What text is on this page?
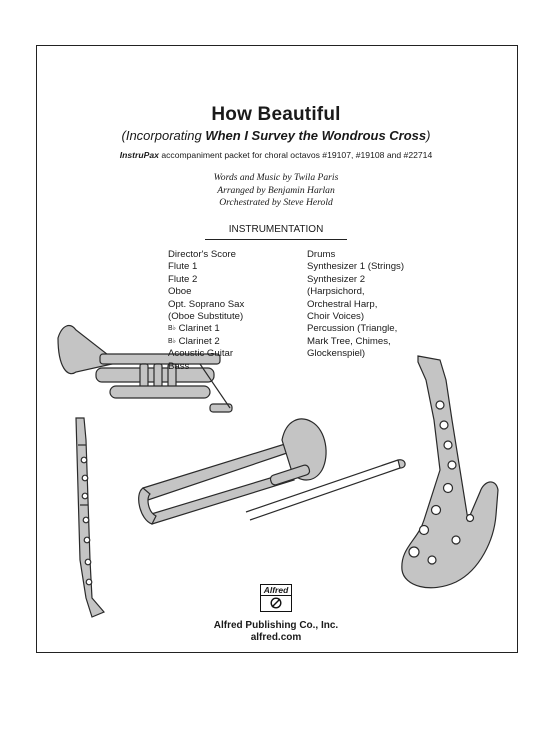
How Beautiful
(Incorporating When I Survey the Wondrous Cross)
InstruPax accompaniment packet for choral octavos #19107, #19108 and #22714
Words and Music by Twila Paris
Arranged by Benjamin Harlan
Orchestrated by Steve Herold
INSTRUMENTATION
Director's Score
Flute 1
Flute 2
Oboe
Opt. Soprano Sax
(Oboe Substitute)
B♭ Clarinet 1
B♭ Clarinet 2
Acoustic Guitar
Bass
Drums
Synthesizer 1 (Strings)
Synthesizer 2
(Harpsichord,
Orchestral Harp,
Choir Voices)
Percussion (Triangle,
Mark Tree, Chimes,
Glockenspiel)
Alfred
Alfred Publishing Co., Inc.
alfred.com
